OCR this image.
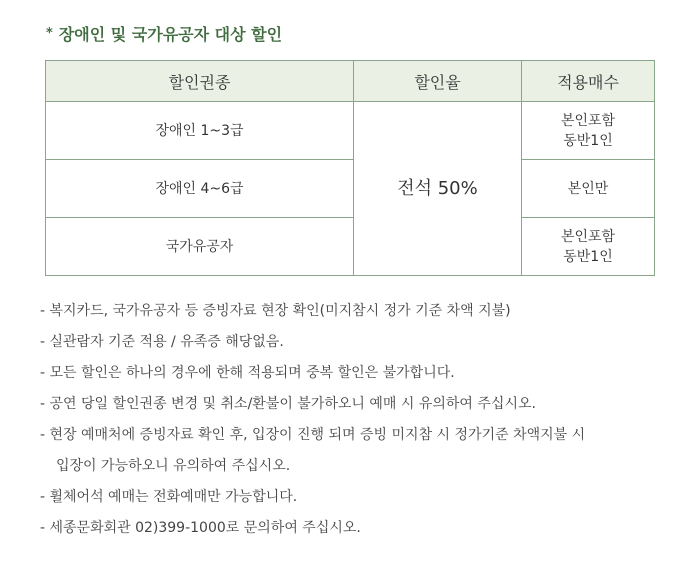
* 장애인 및 국가유공자 대상 할인
할인권종	할인율	적용매수
장애인 1~3급	전석 50%	본인포함
동반1인

장애인 4~6급		본인만

국가유공자		본인포함
동반1인
- 복지카드, 국가유공자 등 증빙자료 현장 확인(미지참시 정가 기준 차액 지불)
- 실관람자 기준 적용 / 유족증 해당없음.
- 모든 할인은 하나의 경우에 한해 적용되며 중복 할인은 불가합니다.
- 공연 당일 할인권종 변경 및 취소/환불이 불가하오니 예매 시 유의하여 주십시오.
- 현장 예매처에 증빙자료 확인 후, 입장이 진행 되며 증빙 미지참 시 정가기준 차액지불 시
입장이 가능하오니 유의하여 주십시오.
- 휠체어석 예매는 전화예매만 가능합니다.
- 세종문화회관 02)399-1000로 문의하여 주십시오.
